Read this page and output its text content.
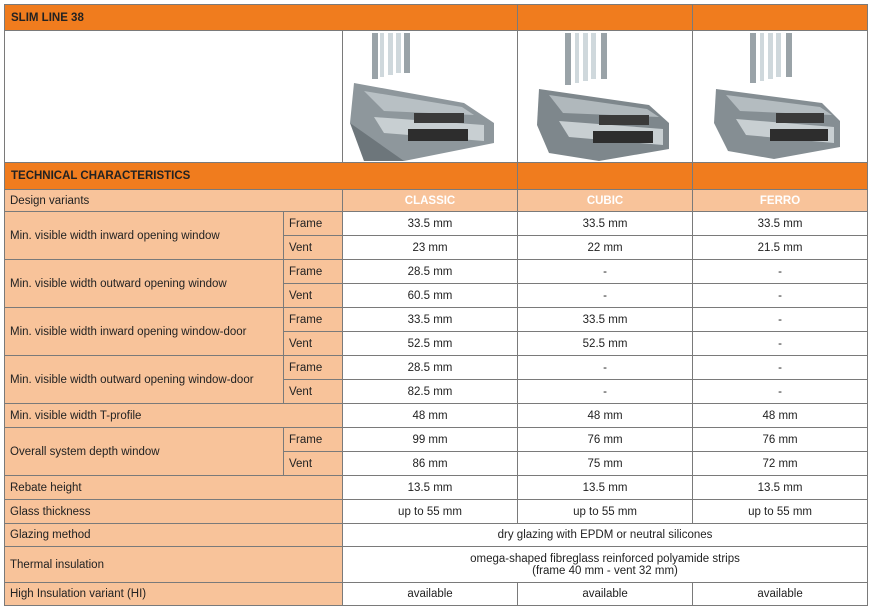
SLIM LINE 38				

TECHNICAL CHARACTERISTICS				
Design variants		CLASSIC	CUBIC	FERRO
Min. visible width inward opening window	Frame	33.5 mm	33.5 mm	33.5 mm
	Vent	23 mm	22 mm	21.5 mm
Min. visible width outward opening window	Frame	28.5 mm	-	-
	Vent	60.5 mm	-	-
Min. visible width inward opening window-door	Frame	33.5 mm	33.5 mm	-
	Vent	52.5 mm	52.5 mm	-
Min. visible width outward opening window-door	Frame	28.5 mm	-	-
	Vent	82.5 mm	-	-
Min. visible width T-profile		48 mm	48 mm	48 mm
Overall system depth window	Frame	99 mm	76 mm	76 mm
	Vent	86 mm	75 mm	72 mm
Rebate height		13.5 mm	13.5 mm	13.5 mm
Glass thickness		up to 55 mm	up to 55 mm	up to 55 mm
Glazing method		dry glazing with EPDM or neutral silicones		
Thermal insulation		omega-shaped fibreglass reinforced polyamide strips
(frame 40 mm - vent 32 mm)		

High Insulation variant (HI)		available	available	available
